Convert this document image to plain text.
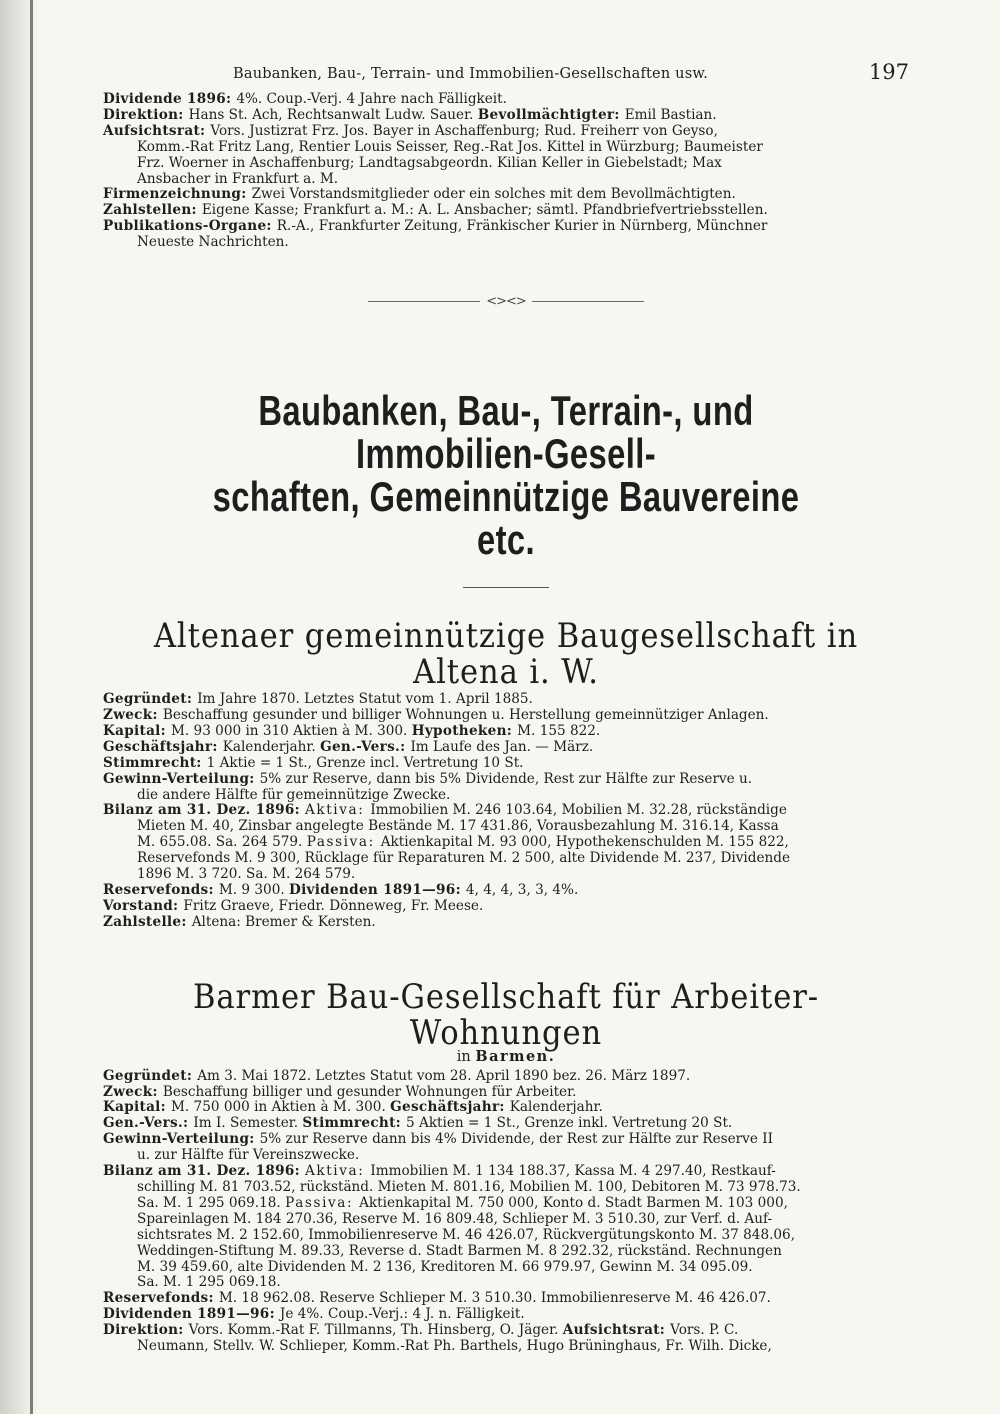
Baubanken, Bau-, Terrain- und Immobilien-Gesellschaften usw.	197

Dividende 1896: 4%. Coup.-Verj. 4 Jahre nach Fälligkeit.

Direktion: Hans St. Ach, Rechtsanwalt Ludw. Sauer. Bevollmächtigter: Emil Bastian.

Aufsichtsrat: Vors. Justizrat Frz. Jos. Bayer in Aschaffenburg; Rud. Freiherr von Geyso,

Komm.-Rat Fritz Lang, Rentier Louis Seisser, Reg.-Rat Jos. Kittel in Würzburg; Baumeister

Frz. Woerner in Aschaffenburg; Landtagsabgeordn. Kilian Keller in Giebelstadt; Max

Ansbacher in Frankfurt a. M.

Firmenzeichnung: Zwei Vorstandsmitglieder oder ein solches mit dem Bevollmächtigten.

Zahlstellen: Eigene Kasse; Frankfurt a. M.: A. L. Ansbacher; sämtl. Pfandbriefvertriebsstellen.

Publikations-Organe: R.-A., Frankfurter Zeitung, Fränkischer Kurier in Nürnberg, Münchner

Neueste Nachrichten.

<><>
Baubanken, Bau-, Terrain-, und Immobilien-Gesell-
schaften, Gemeinnützige Bauvereine etc.
Altenaer gemeinnützige Baugesellschaft in Altena i. W.

Gegründet: Im Jahre 1870. Letztes Statut vom 1. April 1885.

Zweck: Beschaffung gesunder und billiger Wohnungen u. Herstellung gemeinnütziger Anlagen.

Kapital: M. 93 000 in 310 Aktien à M. 300. Hypotheken: M. 155 822.

Geschäftsjahr: Kalenderjahr. Gen.-Vers.: Im Laufe des Jan. — März.

Stimmrecht: 1 Aktie = 1 St., Grenze incl. Vertretung 10 St.

Gewinn-Verteilung: 5% zur Reserve, dann bis 5% Dividende, Rest zur Hälfte zur Reserve u.

die andere Hälfte für gemeinnützige Zwecke.

Bilanz am 31. Dez. 1896: Aktiva: Immobilien M. 246 103.64, Mobilien M. 32.28, rückständige

Mieten M. 40, Zinsbar angelegte Bestände M. 17 431.86, Vorausbezahlung M. 316.14, Kassa

M. 655.08. Sa. 264 579. Passiva: Aktienkapital M. 93 000, Hypothekenschulden M. 155 822,

Reservefonds M. 9 300, Rücklage für Reparaturen M. 2 500, alte Dividende M. 237, Dividende

1896 M. 3 720. Sa. M. 264 579.

Reservefonds: M. 9 300. Dividenden 1891—96: 4, 4, 4, 3, 3, 4%.

Vorstand: Fritz Graeve, Friedr. Dönneweg, Fr. Meese.

Zahlstelle: Altena: Bremer & Kersten.

Barmer Bau-Gesellschaft für Arbeiter-Wohnungen
in Barmen.

Gegründet: Am 3. Mai 1872. Letztes Statut vom 28. April 1890 bez. 26. März 1897.

Zweck: Beschaffung billiger und gesunder Wohnungen für Arbeiter.

Kapital: M. 750 000 in Aktien à M. 300. Geschäftsjahr: Kalenderjahr.

Gen.-Vers.: Im I. Semester. Stimmrecht: 5 Aktien = 1 St., Grenze inkl. Vertretung 20 St.

Gewinn-Verteilung: 5% zur Reserve dann bis 4% Dividende, der Rest zur Hälfte zur Reserve II

u. zur Hälfte für Vereinszwecke.

Bilanz am 31. Dez. 1896: Aktiva: Immobilien M. 1 134 188.37, Kassa M. 4 297.40, Restkauf-

schilling M. 81 703.52, rückständ. Mieten M. 801.16, Mobilien M. 100, Debitoren M. 73 978.73.

Sa. M. 1 295 069.18. Passiva: Aktienkapital M. 750 000, Konto d. Stadt Barmen M. 103 000,

Spareinlagen M. 184 270.36, Reserve M. 16 809.48, Schlieper M. 3 510.30, zur Verf. d. Auf-

sichtsrates M. 2 152.60, Immobilienreserve M. 46 426.07, Rückvergütungskonto M. 37 848.06,

Weddingen-Stiftung M. 89.33, Reverse d. Stadt Barmen M. 8 292.32, rückständ. Rechnungen

M. 39 459.60, alte Dividenden M. 2 136, Kreditoren M. 66 979.97, Gewinn M. 34 095.09.

Sa. M. 1 295 069.18.

Reservefonds: M. 18 962.08. Reserve Schlieper M. 3 510.30. Immobilienreserve M. 46 426.07.

Dividenden 1891—96: Je 4%. Coup.-Verj.: 4 J. n. Fälligkeit.

Direktion: Vors. Komm.-Rat F. Tillmanns, Th. Hinsberg, O. Jäger. Aufsichtsrat: Vors. P. C.

Neumann, Stellv. W. Schlieper, Komm.-Rat Ph. Barthels, Hugo Brüninghaus, Fr. Wilh. Dicke,
